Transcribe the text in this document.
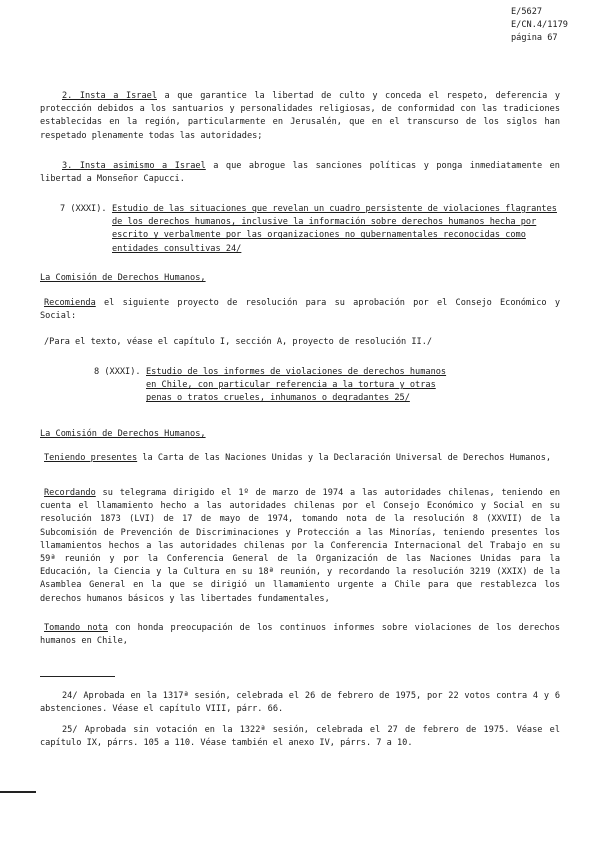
E/5627
E/CN.4/1179
página 67
2. Insta a Israel a que garantice la libertad de culto y conceda el respeto, deferencia y protección debidos a los santuarios y personalidades religiosas, de conformidad con las tradiciones establecidas en la región, particularmente en Jerusalén, que en el transcurso de los siglos han respetado plenamente todas las autoridades;
3. Insta asimismo a Israel a que abrogue las sanciones políticas y ponga inmediatamente en libertad a Monseñor Capucci.
7 (XXXI). Estudio de las situaciones que revelan un cuadro persistente de violaciones flagrantes de los derechos humanos, inclusive la información sobre derechos humanos hecha por escrito y verbalmente por las organizaciones no gubernamentales reconocidas como entidades consultivas 24/
La Comisión de Derechos Humanos,
Recomienda el siguiente proyecto de resolución para su aprobación por el Consejo Económico y Social:
/Para el texto, véase el capítulo I, sección A, proyecto de resolución II./
8 (XXXI). Estudio de los informes de violaciones de derechos humanos en Chile, con particular referencia a la tortura y otras penas o tratos crueles, inhumanos o degradantes 25/
La Comisión de Derechos Humanos,
Teniendo presentes la Carta de las Naciones Unidas y la Declaración Universal de Derechos Humanos,
Recordando su telegrama dirigido el 1º de marzo de 1974 a las autoridades chilenas, teniendo en cuenta el llamamiento hecho a las autoridades chilenas por el Consejo Económico y Social en su resolución 1873 (LVI) de 17 de mayo de 1974, tomando nota de la resolución 8 (XXVII) de la Subcomisión de Prevención de Discriminaciones y Protección a las Minorías, teniendo presentes los llamamientos hechos a las autoridades chilenas por la Conferencia Internacional del Trabajo en su 59ª reunión y por la Conferencia General de la Organización de las Naciones Unidas para la Educación, la Ciencia y la Cultura en su 18ª reunión, y recordando la resolución 3219 (XXIX) de la Asamblea General en la que se dirigió un llamamiento urgente a Chile para que restablezca los derechos humanos básicos y las libertades fundamentales,
Tomando nota con honda preocupación de los continuos informes sobre violaciones de los derechos humanos en Chile,
24/ Aprobada en la 1317ª sesión, celebrada el 26 de febrero de 1975, por 22 votos contra 4 y 6 abstenciones. Véase el capítulo VIII, párr. 66.
25/ Aprobada sin votación en la 1322ª sesión, celebrada el 27 de febrero de 1975. Véase el capítulo IX, párrs. 105 a 110. Véase también el anexo IV, párrs. 7 a 10.
